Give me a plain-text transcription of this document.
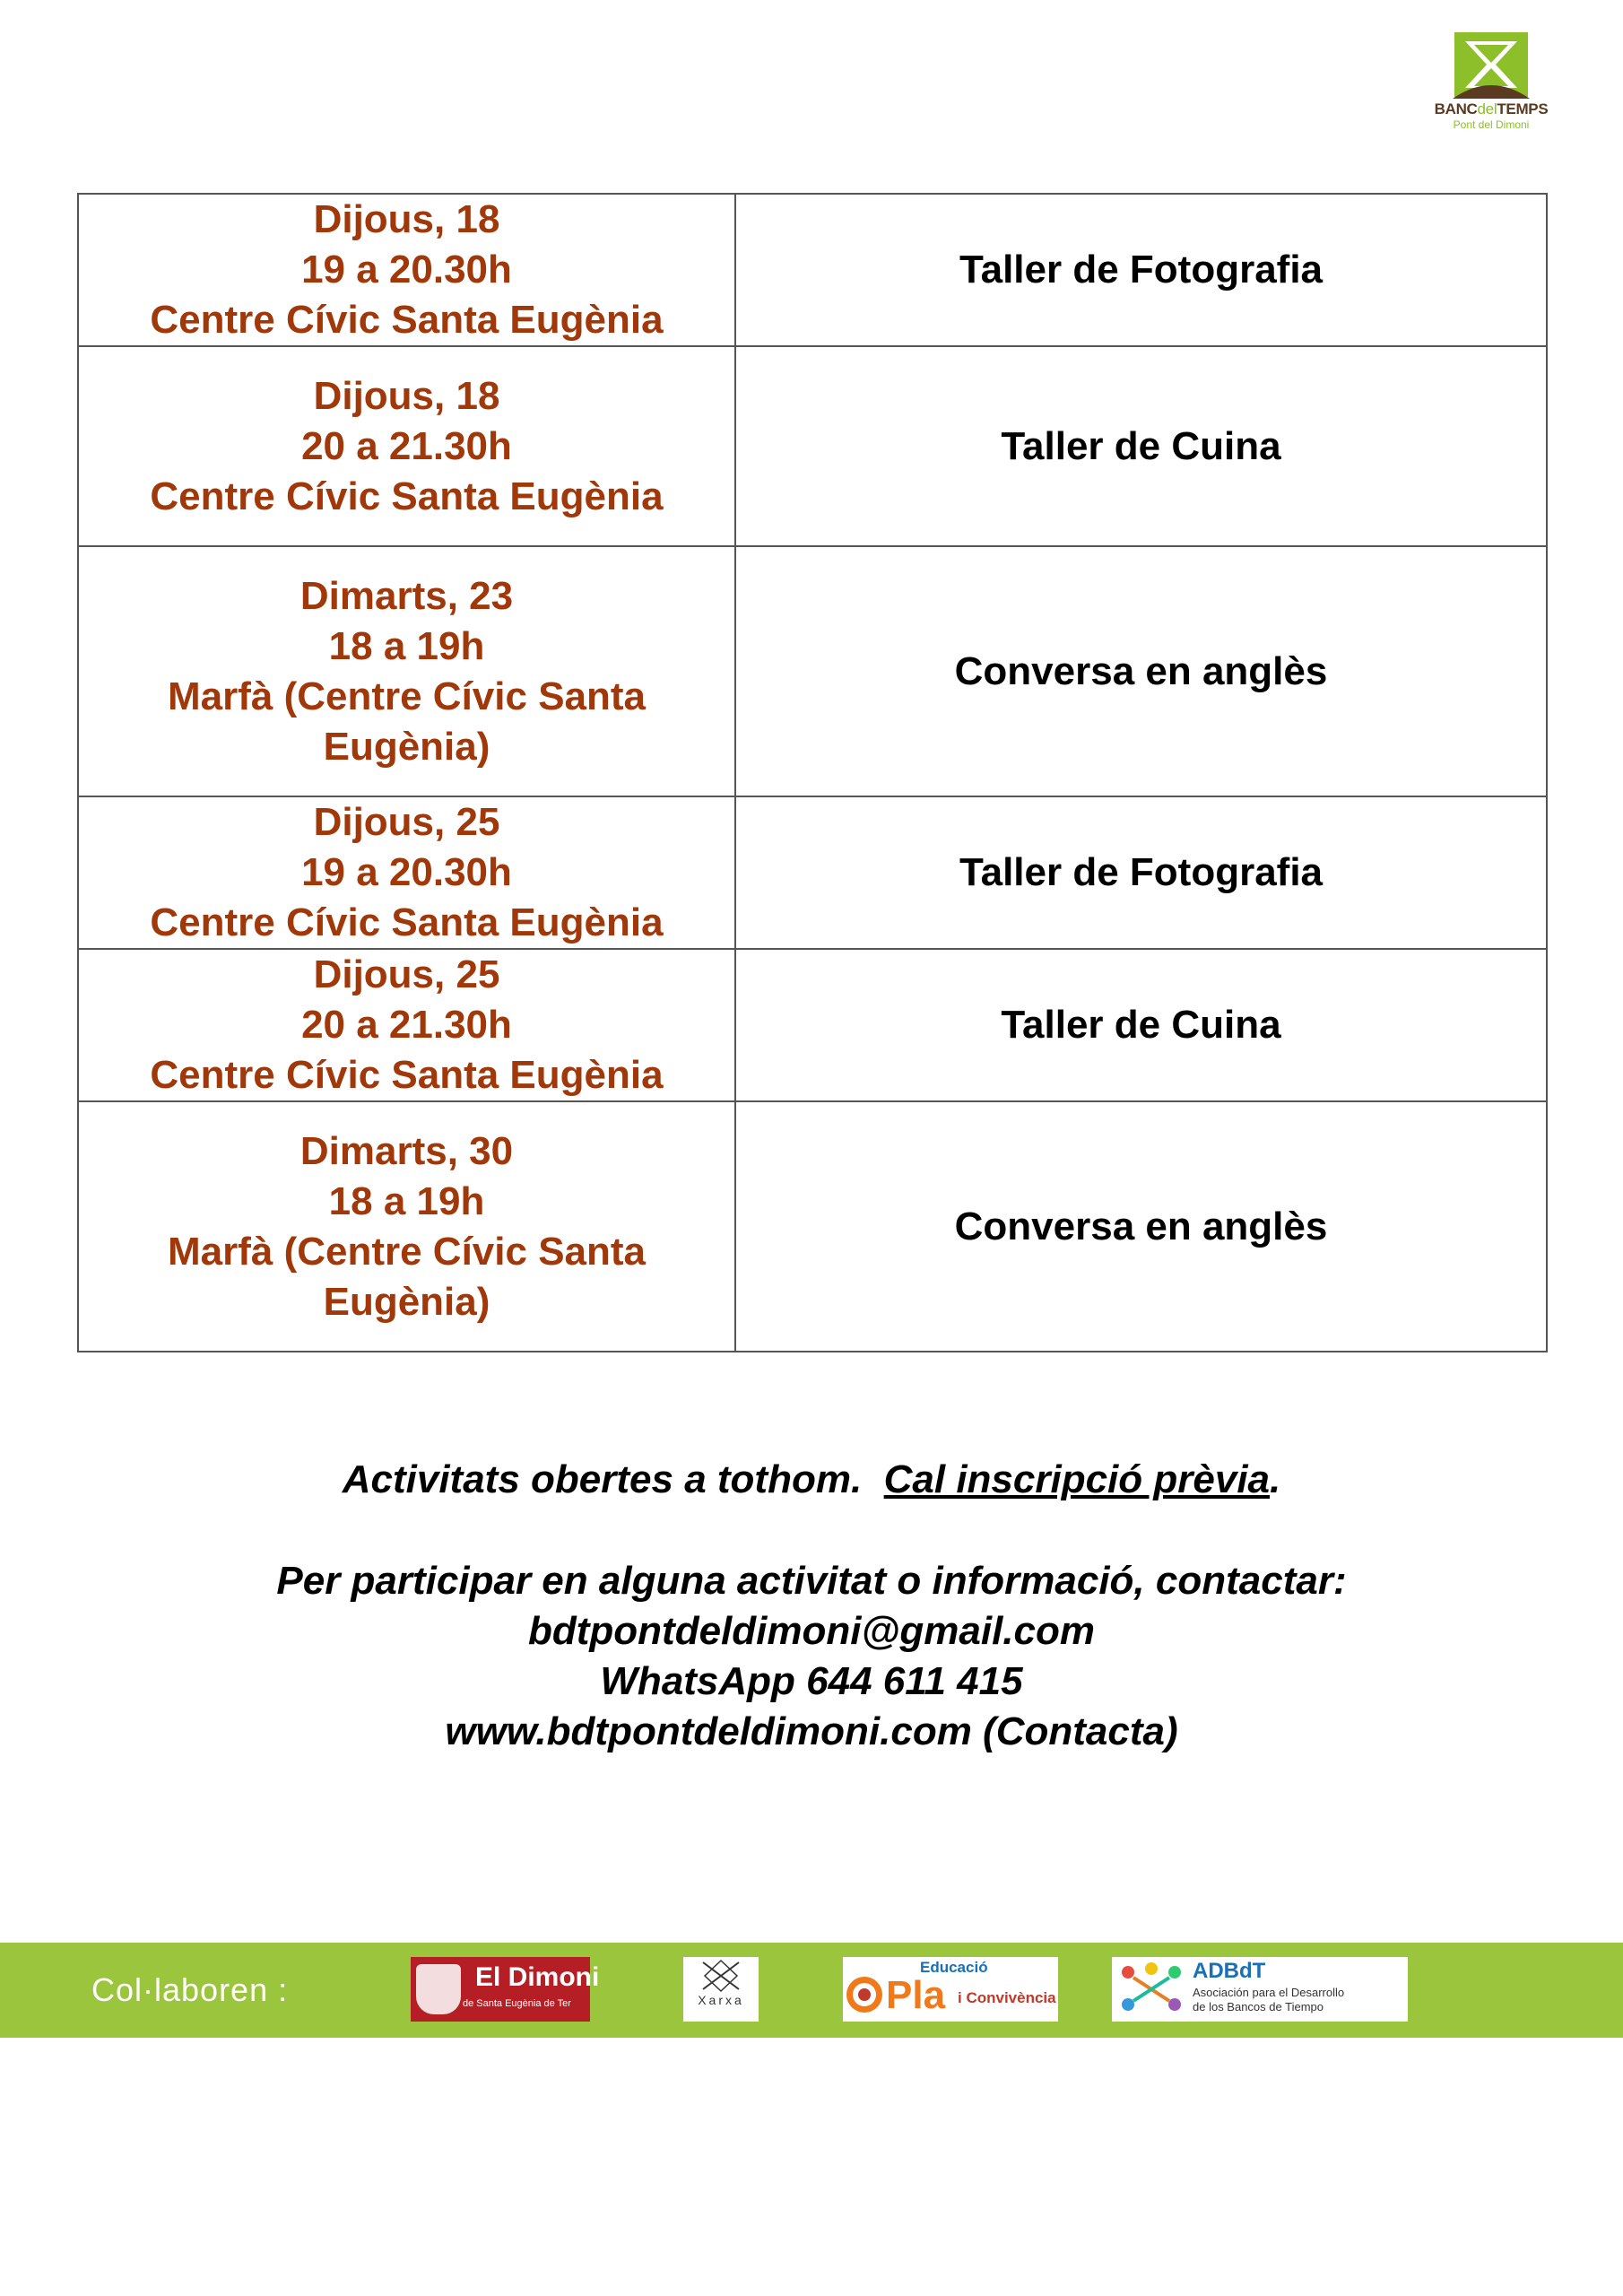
BANCdelTEMPS
Pont del Dimoni
Dijous, 18
19 a 20.30h
Centre Cívic Santa Eugènia	Taller de Fotografia

Dijous, 18
20 a 21.30h
Centre Cívic Santa Eugènia	Taller de Cuina

Dimarts, 23
18 a 19h
Marfà (Centre Cívic Santa
Eugènia)	Conversa en anglès

Dijous, 25
19 a 20.30h
Centre Cívic Santa Eugènia	Taller de Fotografia

Dijous, 25
20 a 21.30h
Centre Cívic Santa Eugènia	Taller de Cuina

Dimarts, 30
18 a 19h
Marfà (Centre Cívic Santa
Eugènia)	Conversa en anglès
Activitats obertes a tothom. Cal inscripció prèvia.
Per participar en alguna activitat o informació, contactar:
bdtpontdeldimoni@gmail.com
WhatsApp 644 611 415
www.bdtpontdeldimoni.com (Contacta)
Col·laboren :	El Dimoni
de Santa Eugènia de Ter	Xarxa
Educació
Pla i Convivència
ADBdT
Asociación para el Desarrollo
de los Bancos de Tiempo
